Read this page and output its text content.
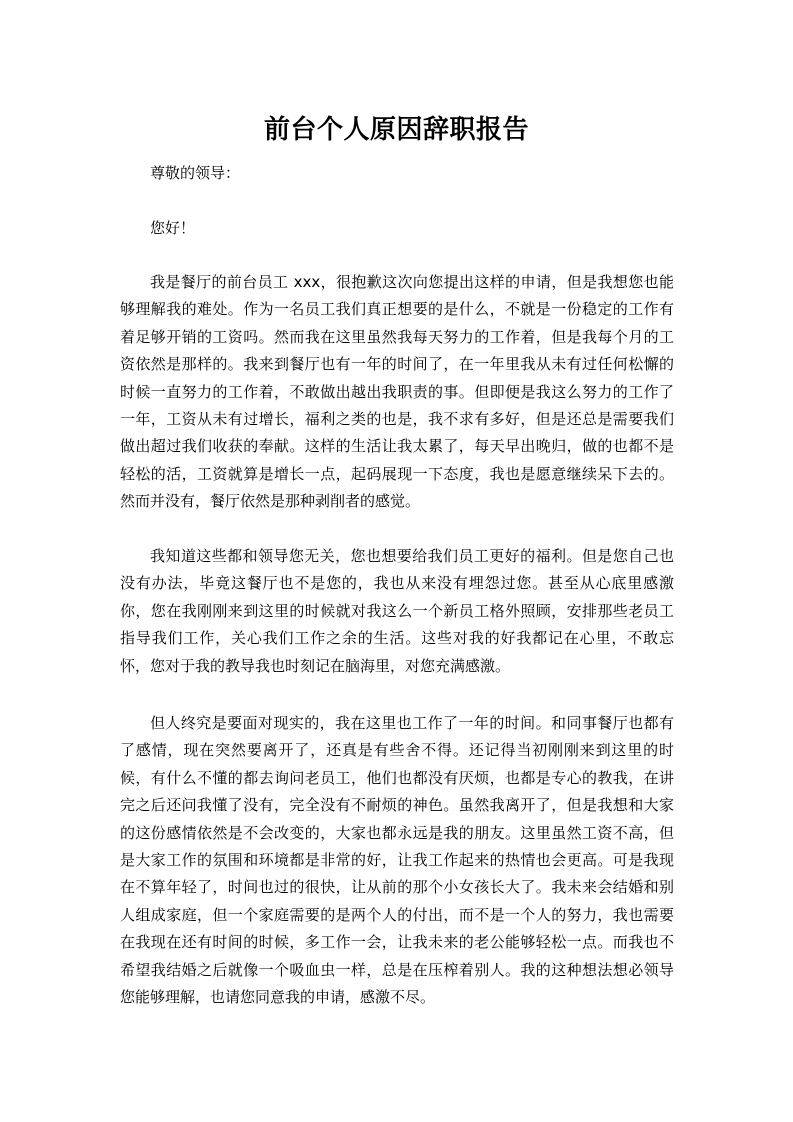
前台个人原因辞职报告
尊敬的领导：
您好！
我是餐厅的前台员工 xxx，很抱歉这次向您提出这样的申请，但是我想您也能够理解我的难处。作为一名员工我们真正想要的是什么，不就是一份稳定的工作有着足够开销的工资吗。然而我在这里虽然我每天努力的工作着，但是我每个月的工资依然是那样的。我来到餐厅也有一年的时间了，在一年里我从未有过任何松懈的时候一直努力的工作着，不敢做出越出我职责的事。但即便是我这么努力的工作了一年，工资从未有过增长，福利之类的也是，我不求有多好，但是还总是需要我们做出超过我们收获的奉献。这样的生活让我太累了，每天早出晚归，做的也都不是轻松的活，工资就算是增长一点，起码展现一下态度，我也是愿意继续呆下去的。然而并没有，餐厅依然是那种剥削者的感觉。
我知道这些都和领导您无关，您也想要给我们员工更好的福利。但是您自己也没有办法，毕竟这餐厅也不是您的，我也从来没有埋怨过您。甚至从心底里感激你，您在我刚刚来到这里的时候就对我这么一个新员工格外照顾，安排那些老员工指导我们工作，关心我们工作之余的生活。这些对我的好我都记在心里，不敢忘怀，您对于我的教导我也时刻记在脑海里，对您充满感激。
但人终究是要面对现实的，我在这里也工作了一年的时间。和同事餐厅也都有了感情，现在突然要离开了，还真是有些舍不得。还记得当初刚刚来到这里的时候，有什么不懂的都去询问老员工，他们也都没有厌烦，也都是专心的教我，在讲完之后还问我懂了没有，完全没有不耐烦的神色。虽然我离开了，但是我想和大家的这份感情依然是不会改变的，大家也都永远是我的朋友。这里虽然工资不高，但是大家工作的氛围和环境都是非常的好，让我工作起来的热情也会更高。可是我现在不算年轻了，时间也过的很快，让从前的那个小女孩长大了。我未来会结婚和别人组成家庭，但一个家庭需要的是两个人的付出，而不是一个人的努力，我也需要在我现在还有时间的时候，多工作一会，让我未来的老公能够轻松一点。而我也不希望我结婚之后就像一个吸血虫一样，总是在压榨着别人。我的这种想法想必领导您能够理解，也请您同意我的申请，感激不尽。
